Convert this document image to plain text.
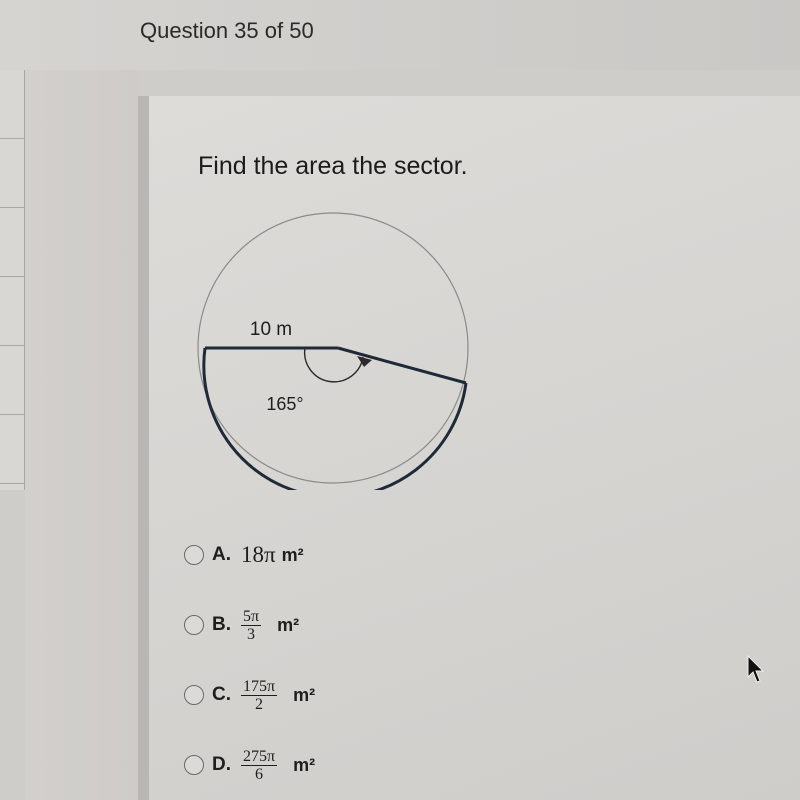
Question 35 of 50
Find the area the sector.
10 m
165°
A. 18π m²
B. $\frac{5\pi}{3} m^2$
C. $\frac{175\pi}{2} m^2$
D. $\frac{275\pi}{6} m^2$
